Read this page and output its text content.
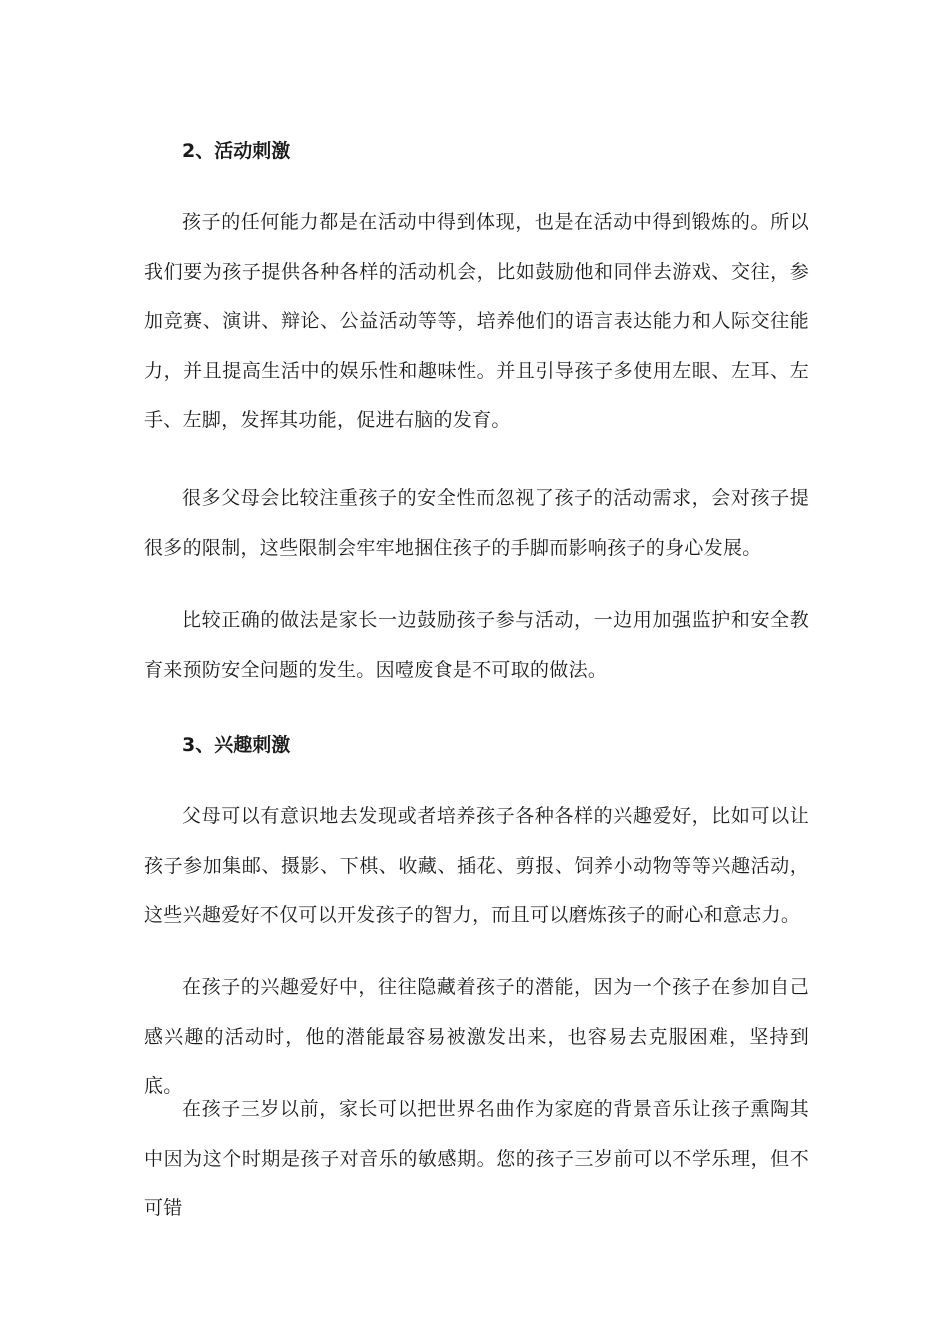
2、活动刺激

孩子的任何能力都是在活动中得到体现，也是在活动中得到锻炼的。所以我们要为孩子提供各种各样的活动机会，比如鼓励他和同伴去游戏、交往，参加竞赛、演讲、辩论、公益活动等等，培养他们的语言表达能力和人际交往能力，并且提高生活中的娱乐性和趣味性。并且引导孩子多使用左眼、左耳、左手、左脚，发挥其功能，促进右脑的发育。

很多父母会比较注重孩子的安全性而忽视了孩子的活动需求，会对孩子提很多的限制，这些限制会牢牢地捆住孩子的手脚而影响孩子的身心发展。

比较正确的做法是家长一边鼓励孩子参与活动，一边用加强监护和安全教育来预防安全问题的发生。因噎废食是不可取的做法。

3、兴趣刺激

父母可以有意识地去发现或者培养孩子各种各样的兴趣爱好，比如可以让孩子参加集邮、摄影、下棋、收藏、插花、剪报、饲养小动物等等兴趣活动，这些兴趣爱好不仅可以开发孩子的智力，而且可以磨炼孩子的耐心和意志力。

在孩子的兴趣爱好中，往往隐藏着孩子的潜能，因为一个孩子在参加自己感兴趣的活动时，他的潜能最容易被激发出来，也容易去克服困难，坚持到底。

在孩子三岁以前，家长可以把世界名曲作为家庭的背景音乐让孩子熏陶其中因为这个时期是孩子对音乐的敏感期。您的孩子三岁前可以不学乐理，但不可错
